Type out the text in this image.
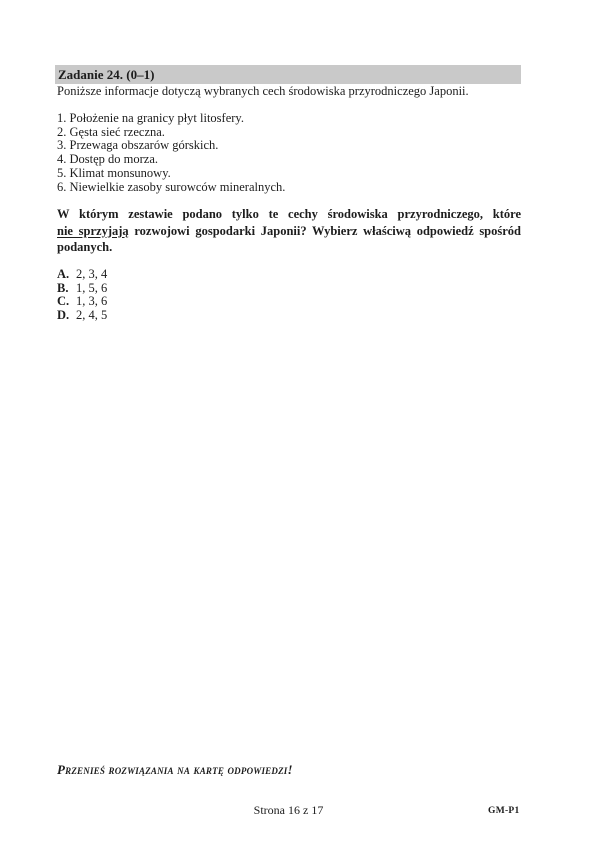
Zadanie 24. (0–1)

Poniższe informacje dotyczą wybranych cech środowiska przyrodniczego Japonii.

1. Położenie na granicy płyt litosfery.
2. Gęsta sieć rzeczna.
3. Przewaga obszarów górskich.
4. Dostęp do morza.
5. Klimat monsunowy.
6. Niewielkie zasoby surowców mineralnych.
W którym zestawie podano tylko te cechy środowiska przyrodniczego, które
nie sprzyjają rozwojowi gospodarki Japonii? Wybierz właściwą odpowiedź spośród
podanych.
A. 2, 3, 4
B. 1, 5, 6
C. 1, 3, 6
D. 2, 4, 5

Przenieś rozwiązania na kartę odpowiedzi!

Strona 16 z 17	GM-P1
